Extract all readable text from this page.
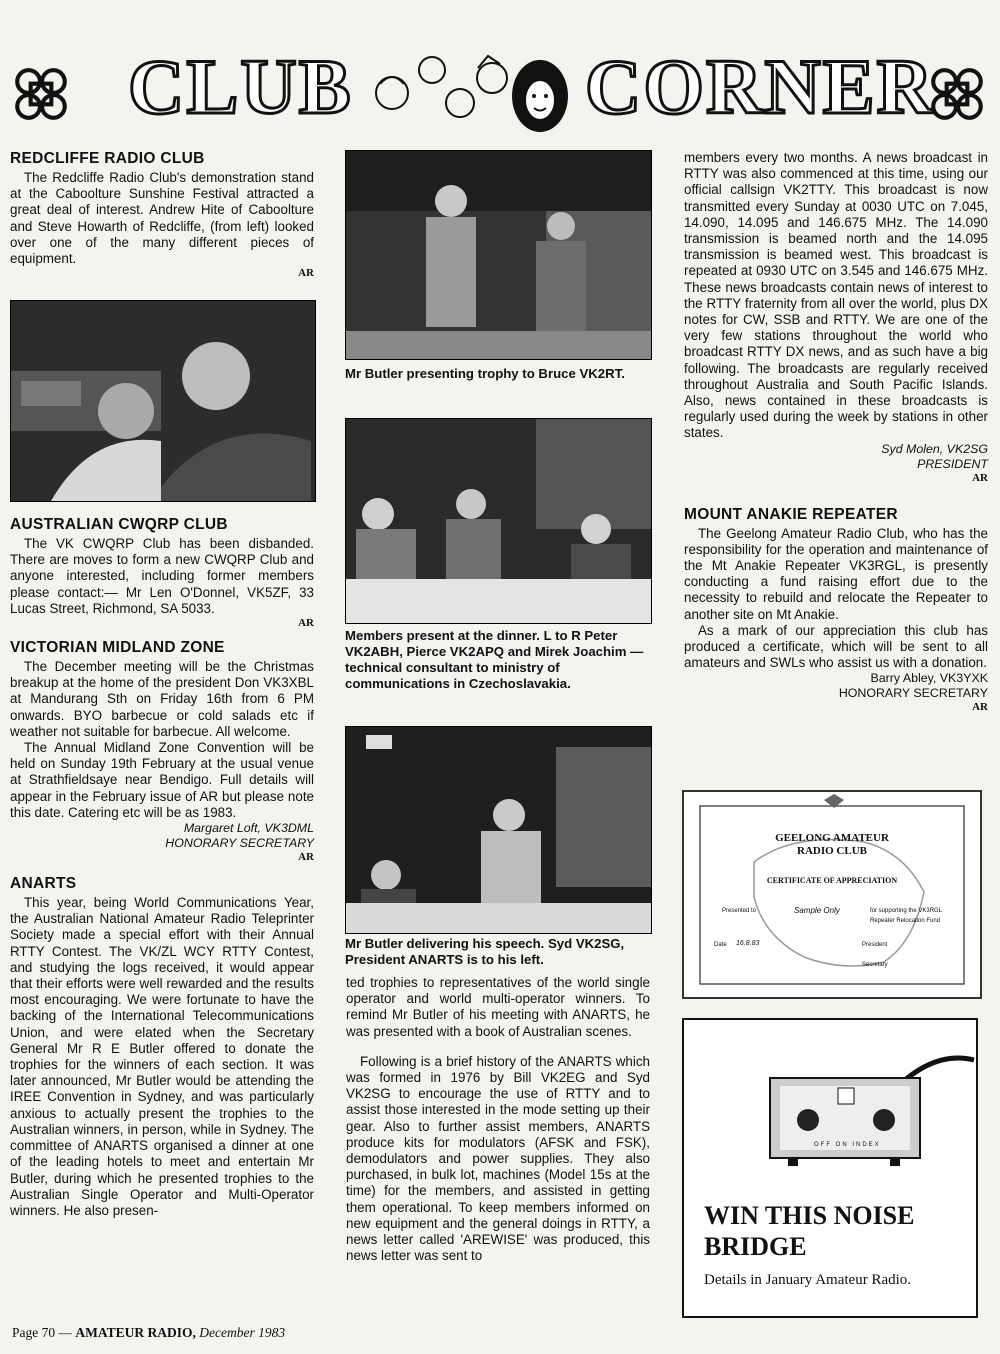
CLUB	CORNER
REDCLIFFE RADIO CLUB

The Redcliffe Radio Club's demonstration stand at the Caboolture Sunshine Festival attracted a great deal of interest. Andrew Hite of Caboolture and Steve Howarth of Redcliffe, (from left) looked over one of the many different pieces of equipment.

AR
AUSTRALIAN CWQRP CLUB

The VK CWQRP Club has been disbanded. There are moves to form a new CWQRP Club and anyone interested, including former members please contact:— Mr Len O'Donnel, VK5ZF, 33 Lucas Street, Richmond, SA 5033.

AR
VICTORIAN MIDLAND ZONE

The December meeting will be the Christmas breakup at the home of the president Don VK3XBL at Mandurang Sth on Friday 16th from 6 PM onwards. BYO barbecue or cold salads etc if weather not suitable for barbecue. All welcome.

The Annual Midland Zone Convention will be held on Sunday 19th February at the usual venue at Strathfieldsaye near Bendigo. Full details will appear in the February issue of AR but please note this date. Catering etc will be as 1983.

Margaret Loft, VK3DML
HONORARY SECRETARY
AR
ANARTS

This year, being World Communications Year, the Australian National Amateur Radio Teleprinter Society made a special effort with their Annual RTTY Contest. The VK/ZL WCY RTTY Contest, and studying the logs received, it would appear that their efforts were well rewarded and the results most encouraging. We were fortunate to have the backing of the International Telecommunications Union, and were elated when the Secretary General Mr R E Butler offered to donate the trophies for the winners of each section. It was later announced, Mr Butler would be attending the IREE Convention in Sydney, and was particularly anxious to actually present the trophies to the Australian winners, in person, while in Sydney. The committee of ANARTS organised a dinner at one of the leading hotels to meet and entertain Mr Butler, during which he presented trophies to the Australian Single Operator and Multi-Operator winners. He also presen-

Mr Butler presenting trophy to Bruce VK2RT.
Members present at the dinner. L to R Peter VK2ABH, Pierce VK2APQ and Mirek Joachim — technical consultant to ministry of communications in Czechoslavakia.
Mr Butler delivering his speech. Syd VK2SG, President ANARTS is to his left.

ted trophies to representatives of the world single operator and world multi-operator winners. To remind Mr Butler of his meeting with ANARTS, he was presented with a book of Australian scenes.

Following is a brief history of the ANARTS which was formed in 1976 by Bill VK2EG and Syd VK2SG to encourage the use of RTTY and to assist those interested in the mode setting up their gear. Also to further assist members, ANARTS produce kits for modulators (AFSK and FSK), demodulators and power supplies. They also purchased, in bulk lot, machines (Model 15s at the time) for the members, and assisted in getting them operational. To keep members informed on new equipment and the general doings in RTTY, a news letter called 'AREWISE' was produced, this news letter was sent to

members every two months. A news broadcast in RTTY was also commenced at this time, using our official callsign VK2TTY. This broadcast is now transmitted every Sunday at 0030 UTC on 7.045, 14.090, 14.095 and 146.675 MHz. The 14.090 transmission is beamed north and the 14.095 transmission is beamed west. This broadcast is repeated at 0930 UTC on 3.545 and 146.675 MHz. These news broadcasts contain news of interest to the RTTY fraternity from all over the world, plus DX notes for CW, SSB and RTTY. We are one of the very few stations throughout the world who broadcast RTTY DX news, and as such have a big following. The broadcasts are regularly received throughout Australia and South Pacific Islands. Also, news contained in these broadcasts is regularly used during the week by stations in other states.

Syd Molen, VK2SG
PRESIDENT
AR
MOUNT ANAKIE REPEATER

The Geelong Amateur Radio Club, who has the responsibility for the operation and maintenance of the Mt Anakie Repeater VK3RGL, is presently conducting a fund raising effort due to the necessity to rebuild and relocate the Repeater to another site on Mt Anakie.

As a mark of our appreciation this club has produced a certificate, which will be sent to all amateurs and SWLs who assist us with a donation.

Barry Abley, VK3YXK
HONORARY SECRETARY
AR
GEELONG AMATEUR
RADIO CLUB
CERTIFICATE OF APPRECIATION
Presented to	Sample Only	for supporting the VK3RGL
Repeater Relocation Fund
Date 16.8.83	President
Secretary
OFF ON INDEX
WIN THIS NOISE
BRIDGE
Details in January Amateur Radio.
Page 70 — AMATEUR RADIO, December 1983
